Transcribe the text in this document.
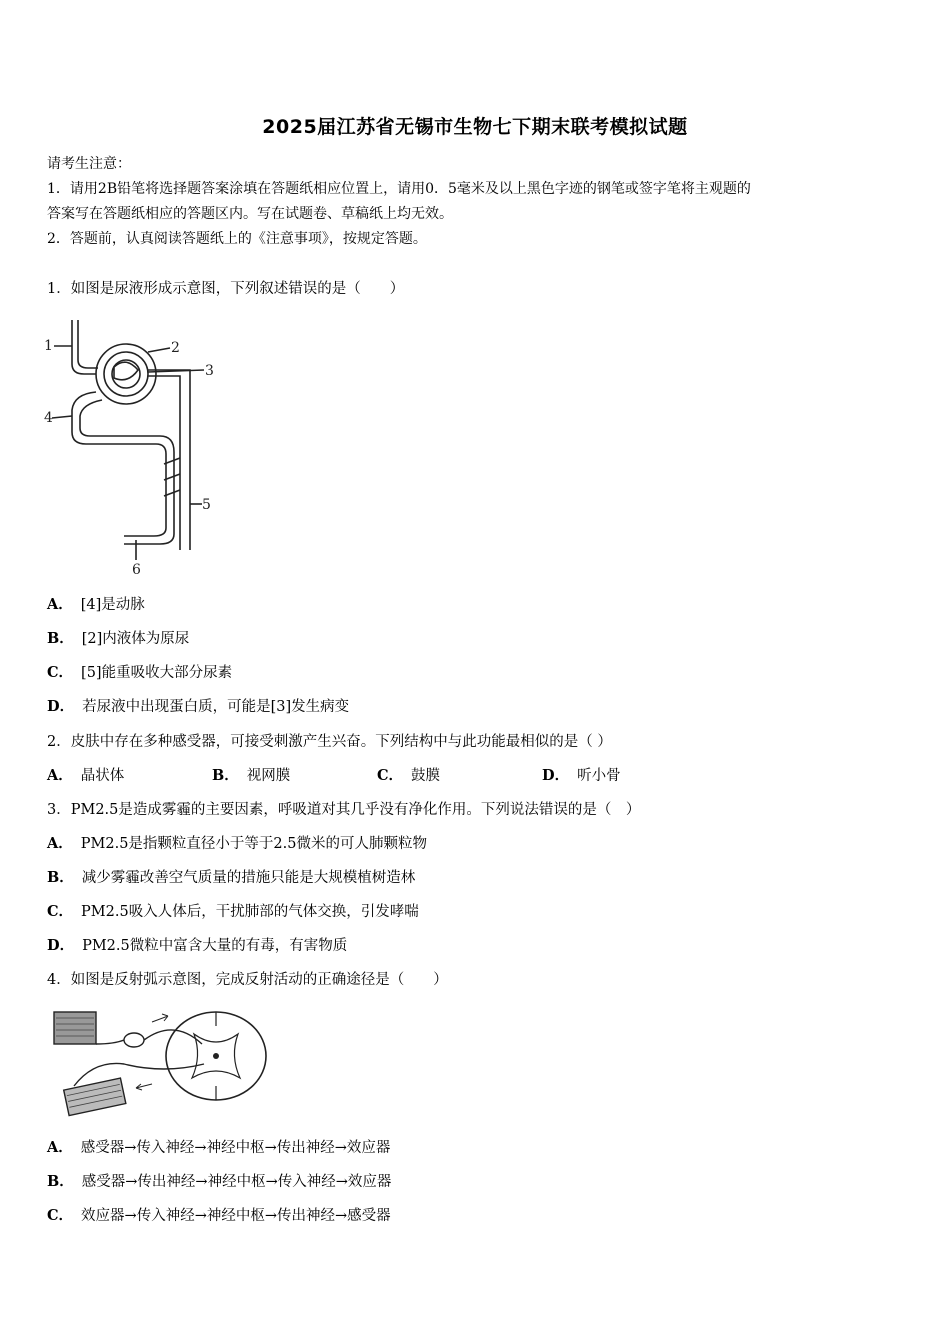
2025届江苏省无锡市生物七下期末联考模拟试题
请考生注意：
1．请用2B铅笔将选择题答案涂填在答题纸相应位置上，请用0．5毫米及以上黑色字迹的钢笔或签字笔将主观题的
答案写在答题纸相应的答题区内。写在试题卷、草稿纸上均无效。
2．答题前，认真阅读答题纸上的《注意事项》，按规定答题。
1．如图是尿液形成示意图，下列叙述错误的是（　　）
1	2
3
4
5
6
A． [4]是动脉
B． [2]内液体为原尿
C． [5]能重吸收大部分尿素
D． 若尿液中出现蛋白质，可能是[3]发生病变
2．皮肤中存在多种感受器，可接受刺激产生兴奋。下列结构中与此功能最相似的是（ ）
A． 晶状体	B． 视网膜	C． 鼓膜	D． 听小骨
3．PM2.5是造成雾霾的主要因素，呼吸道对其几乎没有净化作用。下列说法错误的是（　）
A． PM2.5是指颗粒直径小于等于2.5微米的可人肺颗粒物
B． 减少雾霾改善空气质量的措施只能是大规模植树造林
C． PM2.5吸入人体后，干扰肺部的气体交换，引发哮喘
D． PM2.5微粒中富含大量的有毒，有害物质
4．如图是反射弧示意图，完成反射活动的正确途径是（　　）
A． 感受器→传入神经→神经中枢→传出神经→效应器
B． 感受器→传出神经→神经中枢→传入神经→效应器
C． 效应器→传入神经→神经中枢→传出神经→感受器
